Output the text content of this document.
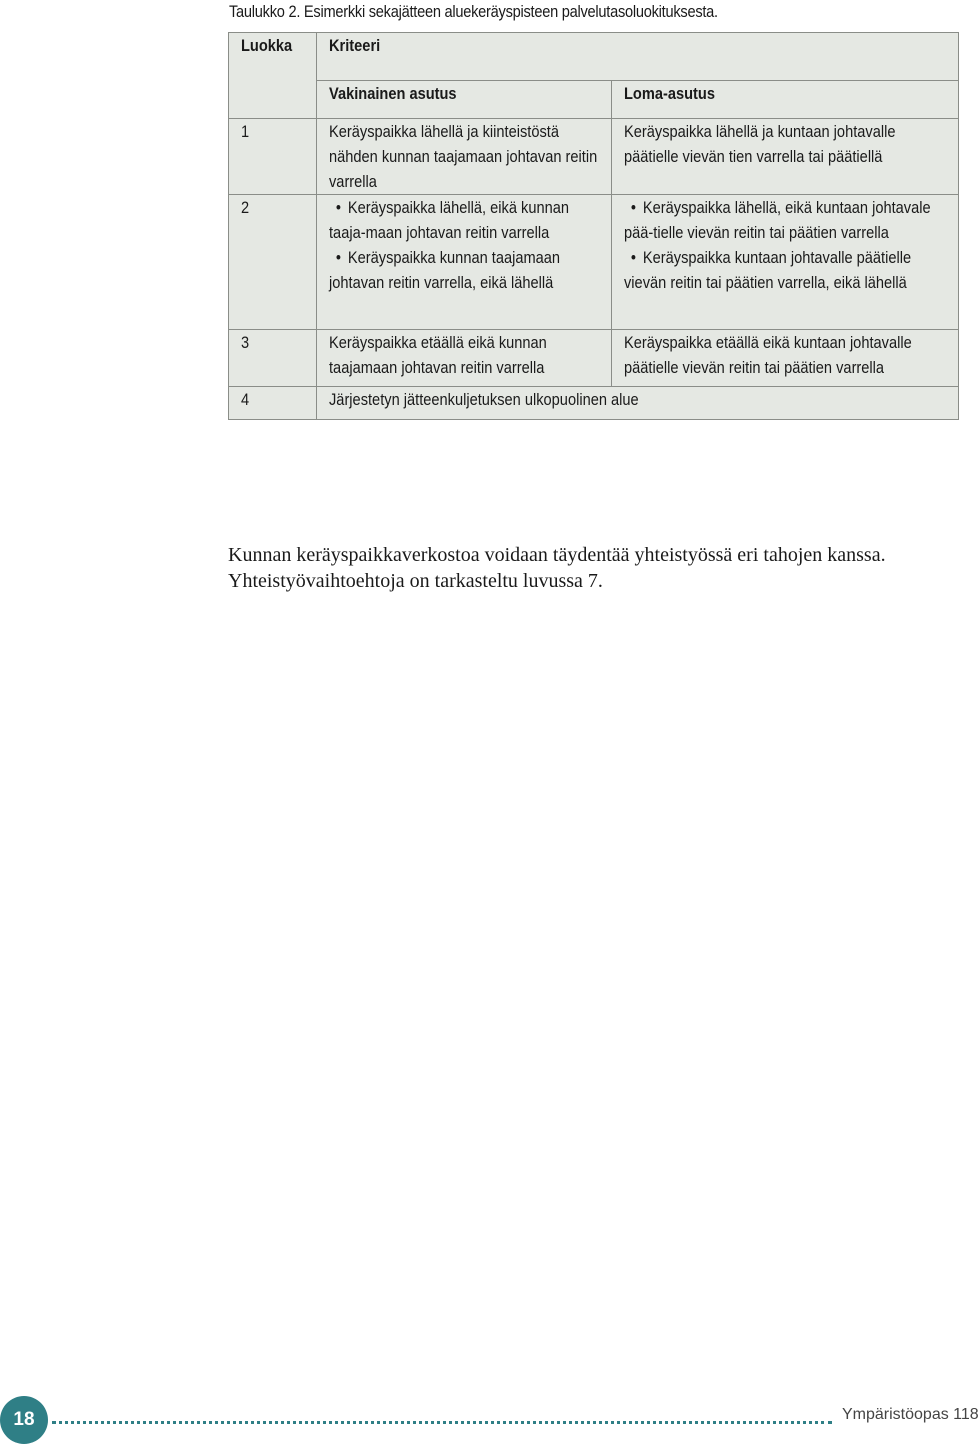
Taulukko 2. Esimerkki sekajätteen aluekeräyspisteen palvelutasoluokituksesta.
Luokka	Kriteeri	

	Vakinainen asutus	Loma-asutus

1	Keräyspaikka lähellä ja kiinteistöstä nähden kunnan taajamaan johtavan reitin varrella	Keräyspaikka lähellä ja kuntaan johtavalle päätielle vievän tien varrella tai päätiellä

2	• Keräyspaikka lähellä, eikä kunnan taaja-maan johtavan reitin varrella
• Keräyspaikka kunnan taajamaan johtavan reitin varrella, eikä lähellä	• Keräyspaikka lähellä, eikä kuntaan johtavale pää-tielle vievän reitin tai päätien varrella
• Keräyspaikka kuntaan johtavalle päätielle vievän reitin tai päätien varrella, eikä lähellä

3	Keräyspaikka etäällä eikä kunnan taajamaan johtavan reitin varrella	Keräyspaikka etäällä eikä kuntaan johtavalle päätielle vievän reitin tai päätien varrella

4	Järjestetyn jätteenkuljetuksen ulkopuolinen alue	

Kunnan keräyspaikkaverkostoa voidaan täydentää yhteistyössä eri tahojen kanssa. Yhteistyövaihtoehtoja on tarkasteltu luvussa 7.

18	Ympäristöopas 118
